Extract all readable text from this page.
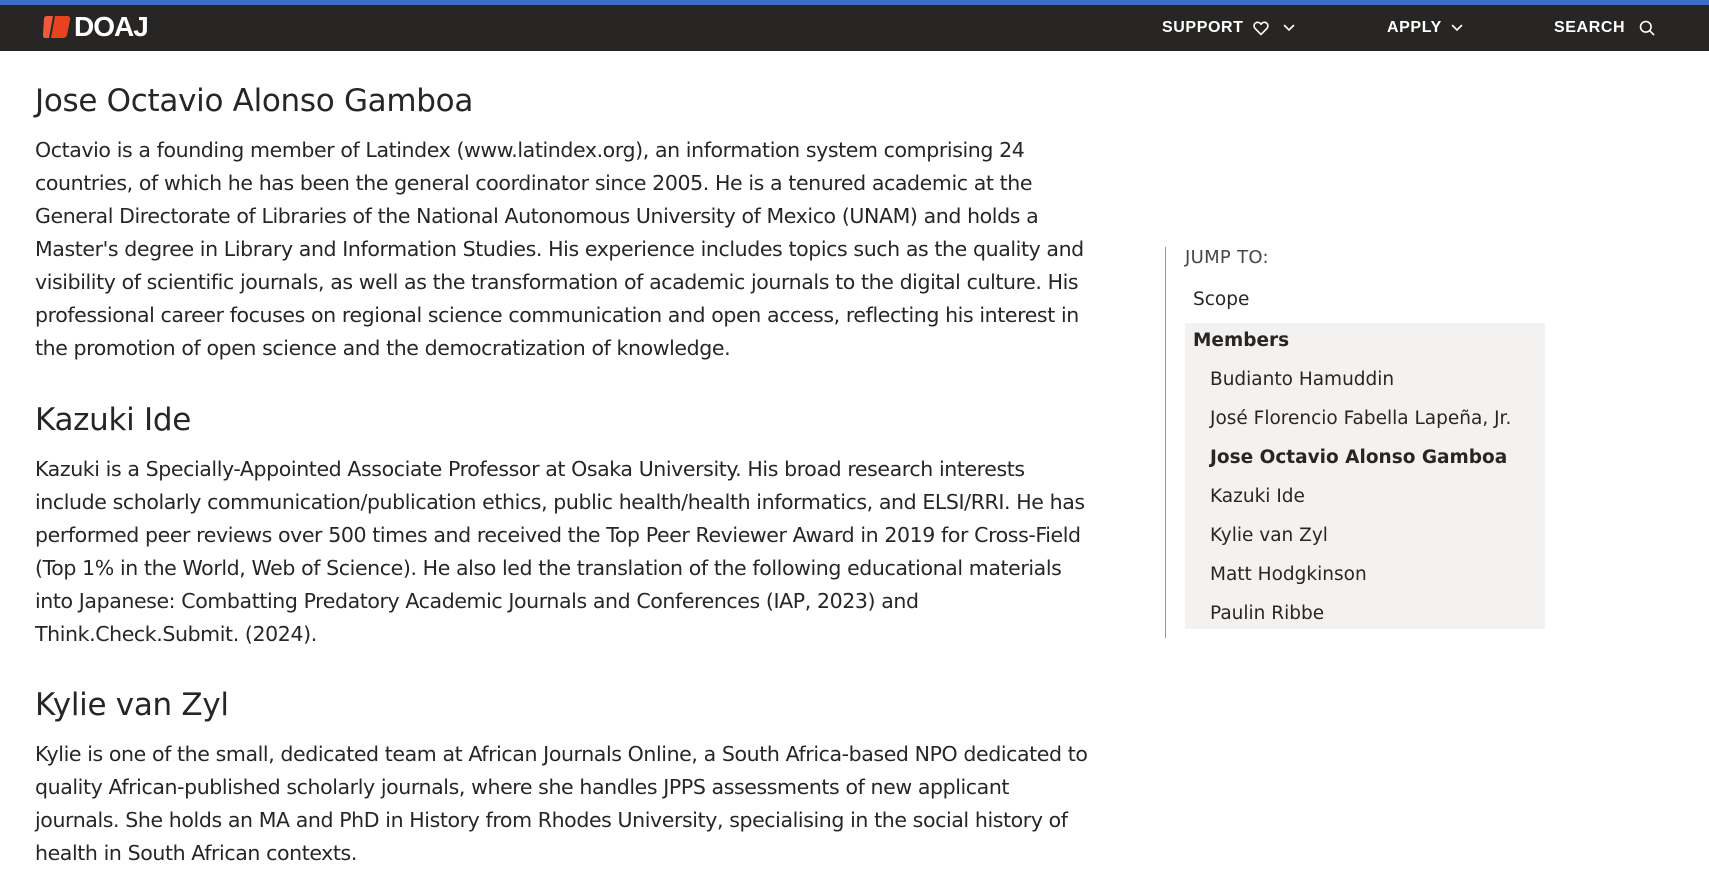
DOAJ	SUPPORT	APPLY	SEARCH
Jose Octavio Alonso Gamboa

Octavio is a founding member of Latindex (www.latindex.org), an information system comprising 24 countries, of which he has been the general coordinator since 2005. He is a tenured academic at the General Directorate of Libraries of the National Autonomous University of Mexico (UNAM) and holds a Master's degree in Library and Information Studies. His experience includes topics such as the quality and visibility of scientific journals, as well as the transformation of academic journals to the digital culture. His professional career focuses on regional science communication and open access, reflecting his interest in the promotion of open science and the democratization of knowledge.

Kazuki Ide

Kazuki is a Specially-Appointed Associate Professor at Osaka University. His broad research interests include scholarly communication/publication ethics, public health/health informatics, and ELSI/RRI. He has performed peer reviews over 500 times and received the Top Peer Reviewer Award in 2019 for Cross-Field (Top 1% in the World, Web of Science). He also led the translation of the following educational materials into Japanese: Combatting Predatory Academic Journals and Conferences (IAP, 2023) and Think.Check.Submit. (2024).

Kylie van Zyl

Kylie is one of the small, dedicated team at African Journals Online, a South Africa-based NPO dedicated to quality African-published scholarly journals, where she handles JPPS assessments of new applicant journals. She holds an MA and PhD in History from Rhodes University, specialising in the social history of health in South African contexts.

JUMP TO:
Scope
Members
Budianto Hamuddin
José Florencio Fabella Lapeña, Jr.
Jose Octavio Alonso Gamboa
Kazuki Ide
Kylie van Zyl
Matt Hodgkinson
Paulin Ribbe
